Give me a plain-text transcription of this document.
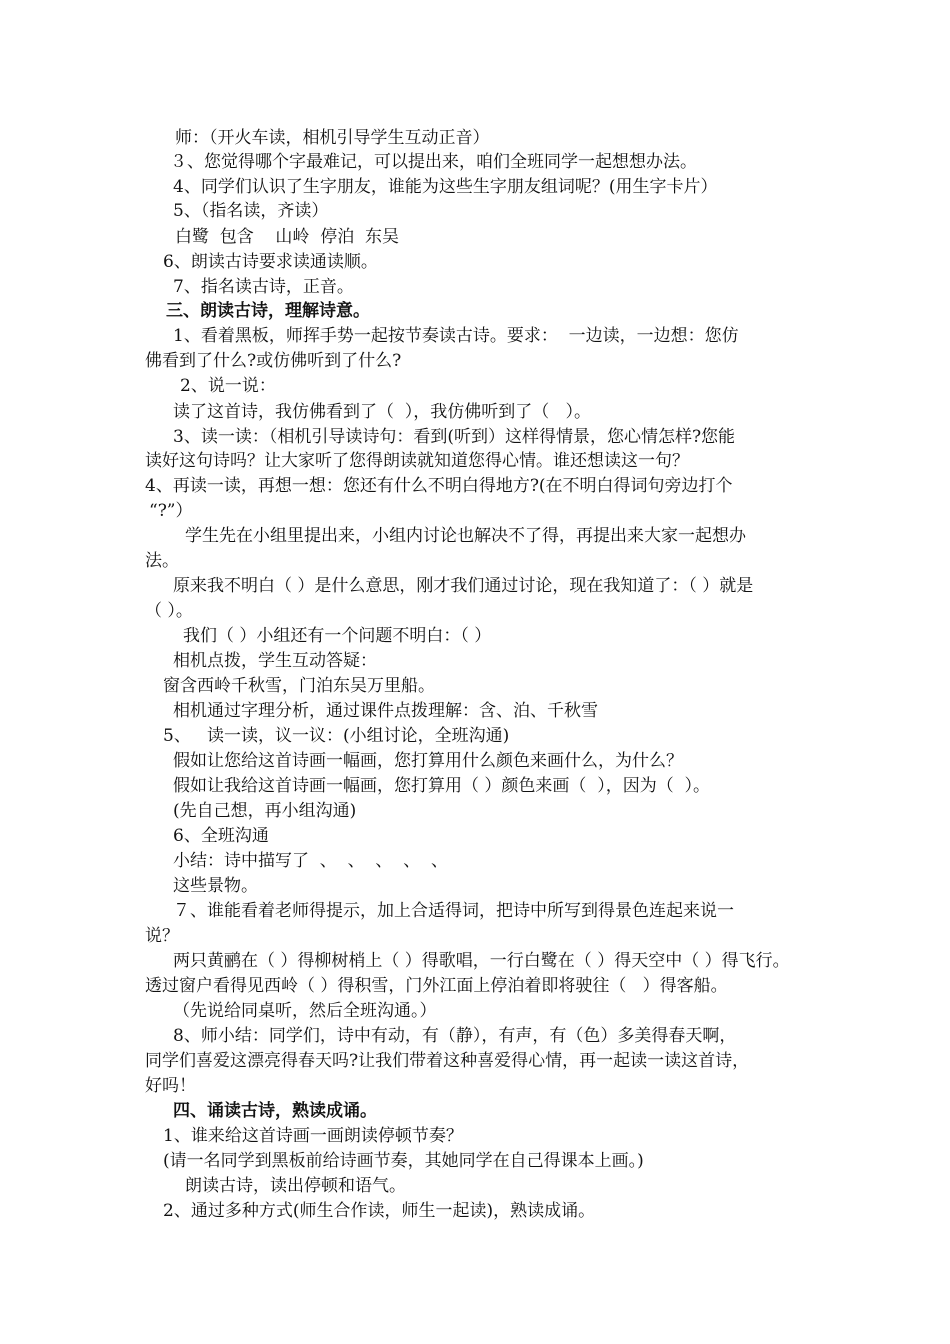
师：（开火车读，相机引导学生互动正音）
３、您觉得哪个字最难记，可以提出来，咱们全班同学一起想想办法。
4、同学们认识了生字朋友，谁能为这些生字朋友组词呢？(用生字卡片）
5、（指名读，齐读）
白鹭  包含    山岭  停泊  东吴
6、朗读古诗要求读通读顺。
7、指名读古诗，正音。
三、朗读古诗，理解诗意。
1、看着黑板，师挥手势一起按节奏读古诗。要求：  一边读，一边想：您仿
佛看到了什么?或仿佛听到了什么?
2、说一说：
读了这首诗，我仿佛看到了（  ），我仿佛听到了（   ）。
3、读一读：（相机引导读诗句：看到(听到）这样得情景，您心情怎样?您能
读好这句诗吗？让大家听了您得朗读就知道您得心情。谁还想读这一句？
4、再读一读，再想一想：您还有什么不明白得地方?(在不明白得词句旁边打个
“?”）
学生先在小组里提出来，小组内讨论也解决不了得，再提出来大家一起想办
法。
原来我不明白（ ）是什么意思，刚才我们通过讨论，现在我知道了：（ ）就是
（ ）。
我们（ ）小组还有一个问题不明白：（ ）
相机点拨，学生互动答疑：
窗含西岭千秋雪，门泊东吴万里船。
相机通过字理分析，通过课件点拨理解：含、泊、千秋雪
5、   读一读，议一议：(小组讨论，全班沟通)
假如让您给这首诗画一幅画，您打算用什么颜色来画什么，为什么？
假如让我给这首诗画一幅画，您打算用（ ）颜色来画（  ），因为（  ）。
(先自己想，再小组沟通)
6、全班沟通
小结：诗中描写了  、  、  、  、  、
这些景物。
７、谁能看着老师得提示，加上合适得词，把诗中所写到得景色连起来说一
说？
两只黄鹂在（ ）得柳树梢上（ ）得歌唱，一行白鹭在（ ）得天空中（ ）得飞行。
透过窗户看得见西岭（ ）得积雪，门外江面上停泊着即将驶往（   ）得客船。
（先说给同桌听，然后全班沟通。）
8、师小结：同学们，诗中有动，有（静），有声，有（色）多美得春天啊，
同学们喜爱这漂亮得春天吗?让我们带着这种喜爱得心情，再一起读一读这首诗，
好吗！
四、诵读古诗，熟读成诵。
1、谁来给这首诗画一画朗读停顿节奏？
(请一名同学到黑板前给诗画节奏，其她同学在自己得课本上画。)
朗读古诗，读出停顿和语气。
2、通过多种方式(师生合作读，师生一起读)，熟读成诵。
